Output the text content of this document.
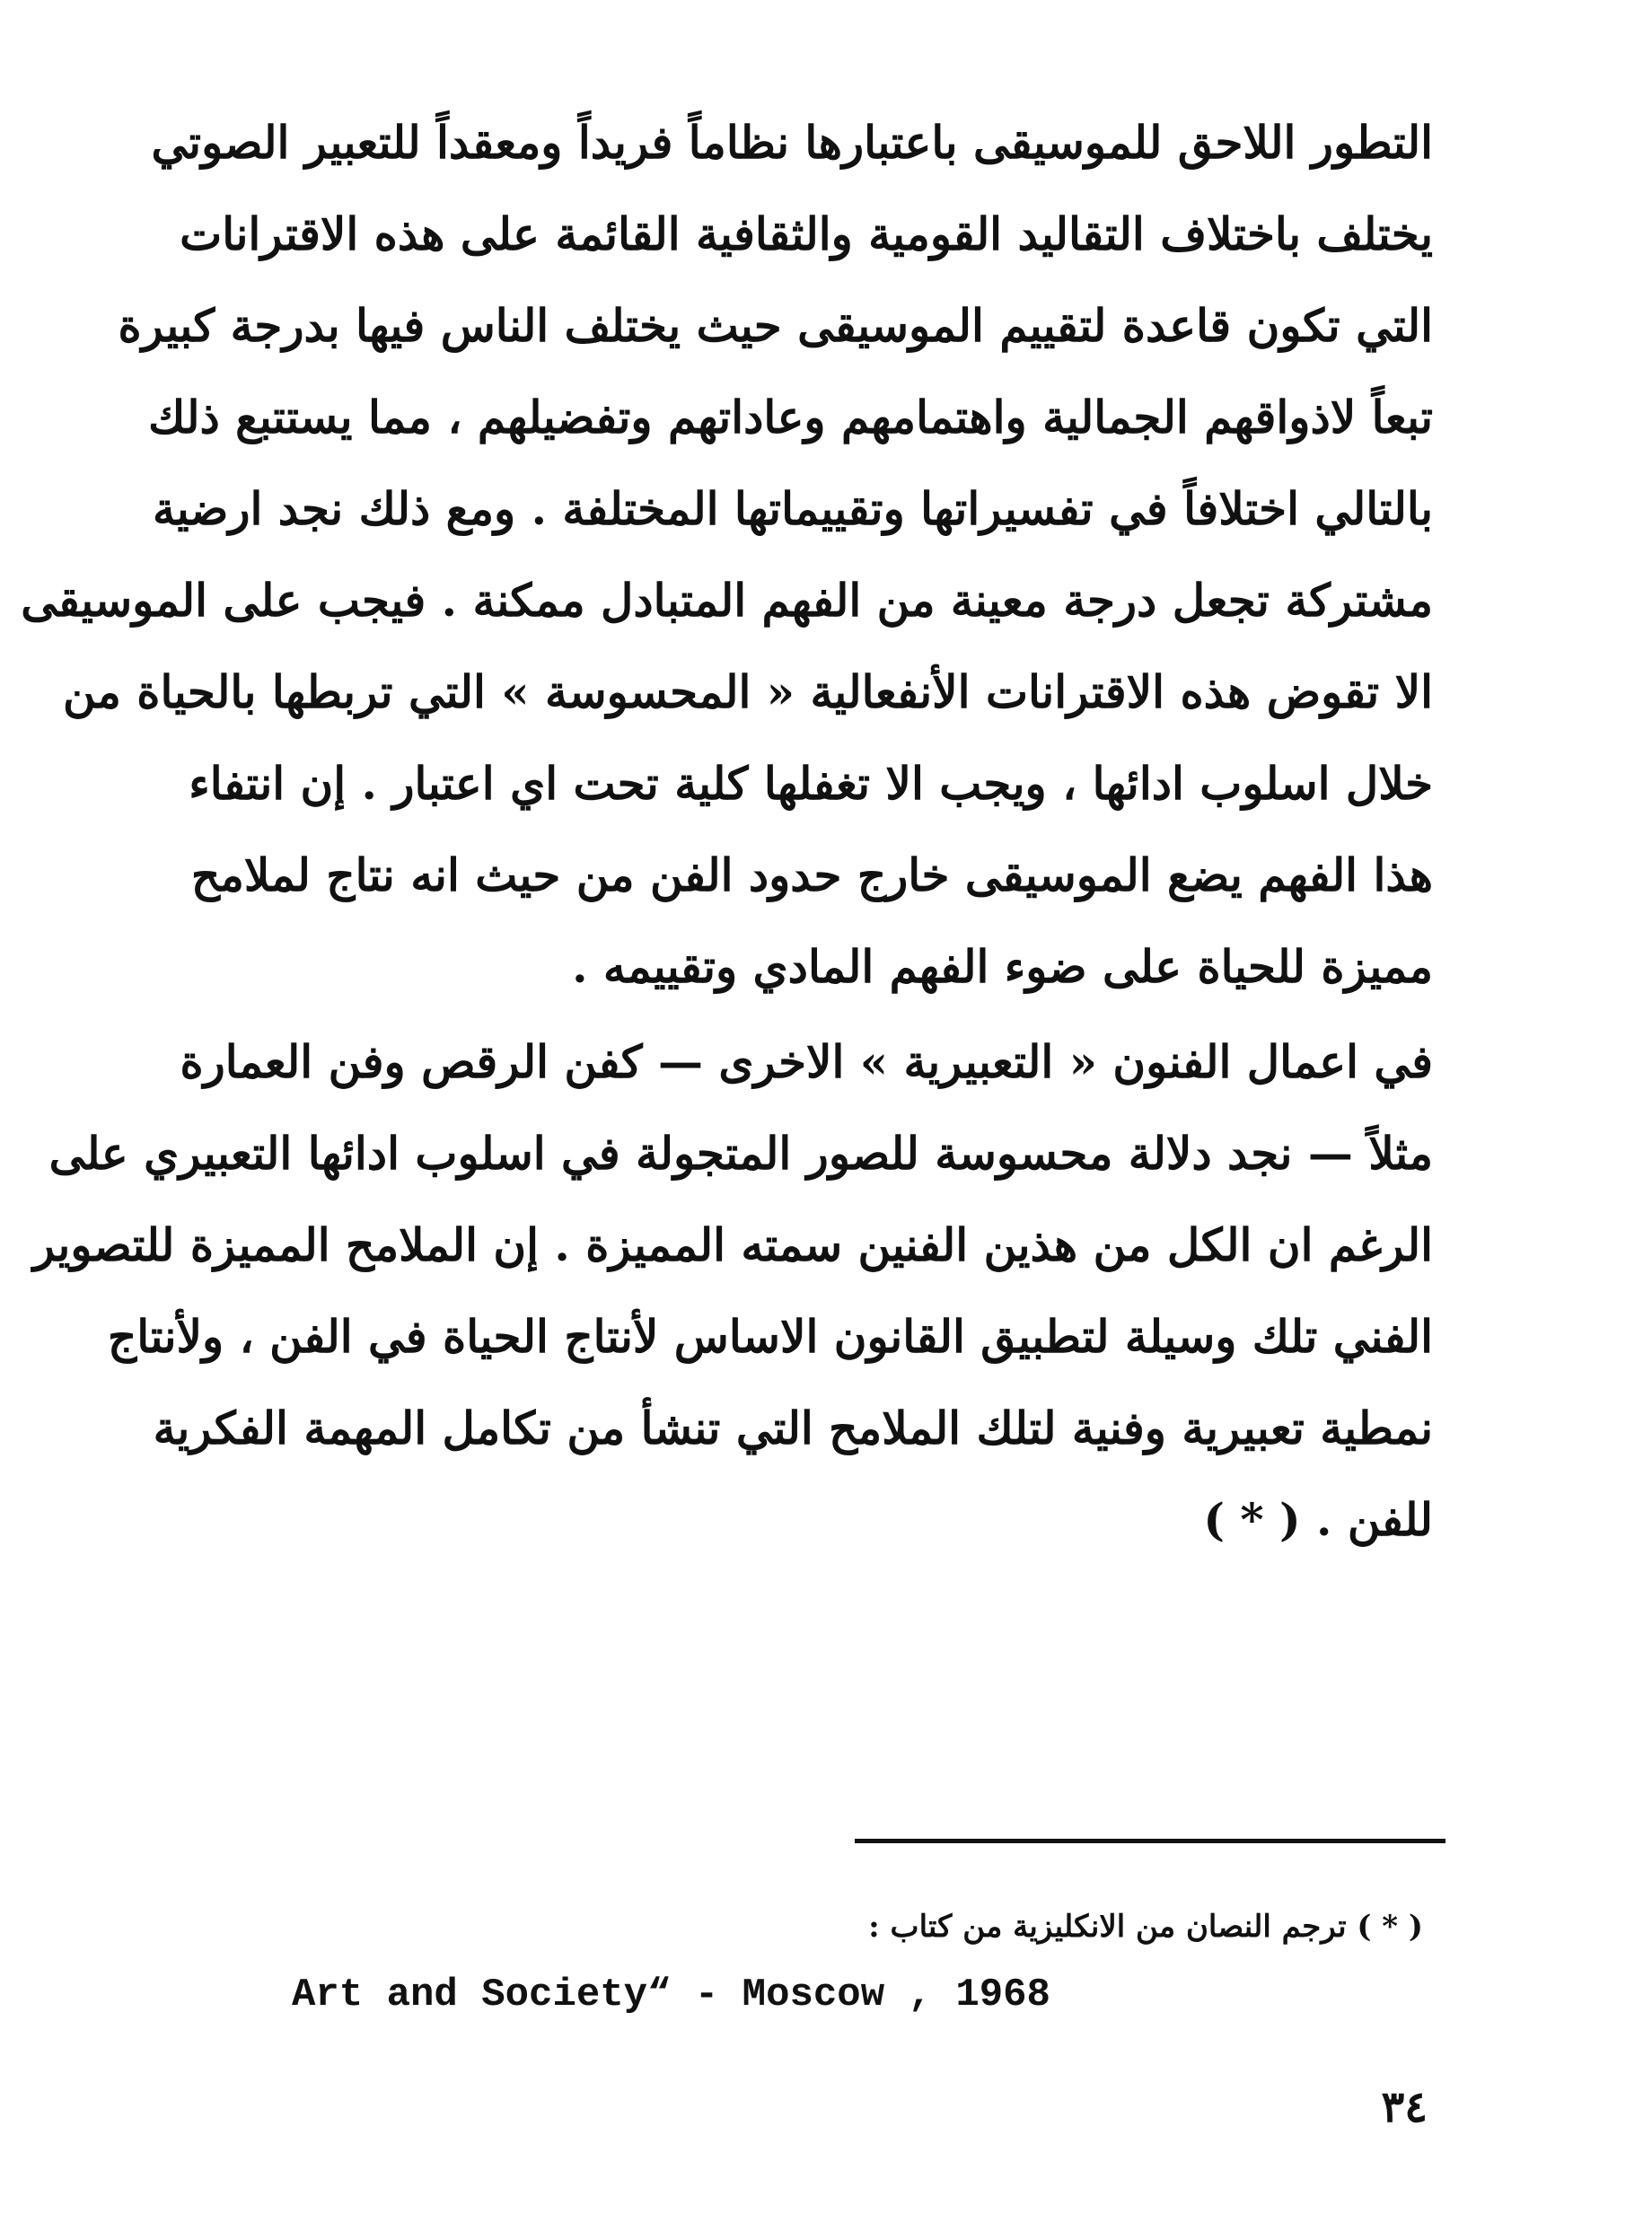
التطور اللاحق للموسيقى باعتبارها نظاماً فريداً ومعقداً للتعبير الصوتي
يختلف باختلاف التقاليد القومية والثقافية القائمة على هذه الاقترانات
التي تكون قاعدة لتقييم الموسيقى حيث يختلف الناس فيها بدرجة كبيرة
تبعاً لاذواقهم الجمالية واهتمامهم وعاداتهم وتفضيلهم ، مما يستتبع ذلك
بالتالي اختلافاً في تفسيراتها وتقييماتها المختلفة . ومع ذلك نجد ارضية
مشتركة تجعل درجة معينة من الفهم المتبادل ممكنة . فيجب على الموسيقى
الا تقوض هذه الاقترانات الأنفعالية « المحسوسة » التي تربطها بالحياة من
خلال اسلوب ادائها ، ويجب الا تغفلها كلية تحت اي اعتبار . إن انتفاء
هذا الفهم يضع الموسيقى خارج حدود الفن من حيث انه نتاج لملامح
مميزة للحياة على ضوء الفهم المادي وتقييمه .
في اعمال الفنون « التعبيرية » الاخرى — كفن الرقص وفن العمارة
مثلاً — نجد دلالة محسوسة للصور المتجولة في اسلوب ادائها التعبيري على
الرغم ان الكل من هذين الفنين سمته المميزة . إن الملامح المميزة للتصوير
الفني تلك وسيلة لتطبيق القانون الاساس لأنتاج الحياة في الفن ، ولأنتاج
نمطية تعبيرية وفنية لتلك الملامح التي تنشأ من تكامل المهمة الفكرية
للفن . ( * )
( * ) ترجم النصان من الانكليزية من كتاب :
Art and Society“ - Moscow , 1968
٣٤
